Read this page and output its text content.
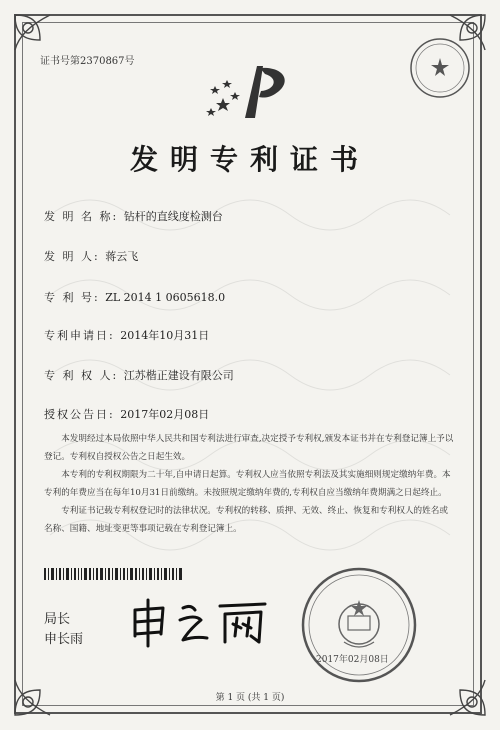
证书号第2370867号
发明专利证书
发 明 名 称: 钻杆的直线度检测台
发 明 人: 蒋云飞
专 利 号: ZL 2014 1 0605618.0
专利申请日: 2014年10月31日
专 利 权 人: 江苏楷正建设有限公司
授权公告日: 2017年02月08日

本发明经过本局依照中华人民共和国专利法进行审查,决定授予专利权,颁发本证书并在专利登记簿上予以登记。专利权自授权公告之日起生效。

本专利的专利权期限为二十年,自申请日起算。专利权人应当依照专利法及其实施细则规定缴纳年费。本专利的年费应当在每年10月31日前缴纳。未按照规定缴纳年费的,专利权自应当缴纳年费期满之日起终止。

专利证书记载专利权登记时的法律状况。专利权的转移、质押、无效、终止、恢复和专利权人的姓名或名称、国籍、地址变更等事项记载在专利登记簿上。

局长
申长雨
2017年02月08日
第 1 页 (共 1 页)
